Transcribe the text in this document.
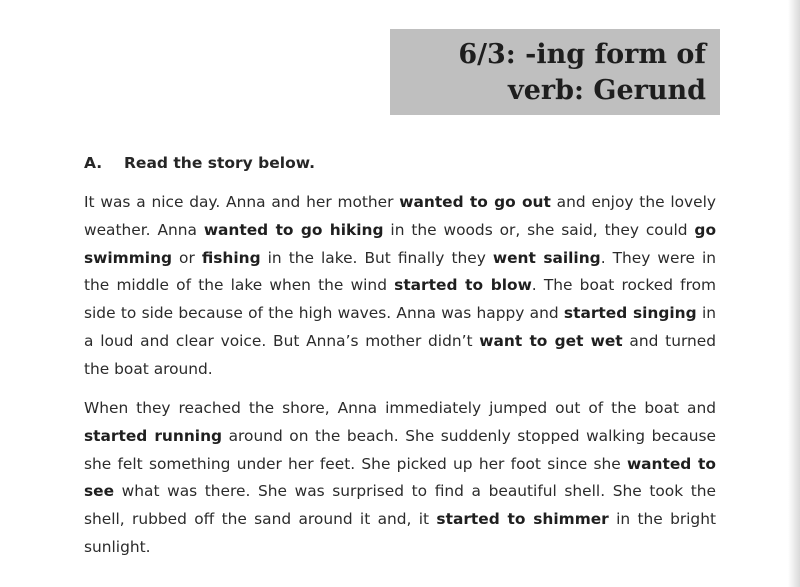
6/3: -ing form of
verb: Gerund
A. Read the story below.
It was a nice day. Anna and her mother wanted to go out and enjoy the lovely weather. Anna wanted to go hiking in the woods or, she said, they could go swimming or fishing in the lake. But finally they went sailing. They were in the middle of the lake when the wind started to blow. The boat rocked from side to side because of the high waves. Anna was happy and started singing in a loud and clear voice. But Anna’s mother didn’t want to get wet and turned the boat around.
When they reached the shore, Anna immediately jumped out of the boat and started running around on the beach. She suddenly stopped walking because she felt something under her feet. She picked up her foot since she wanted to see what was there. She was surprised to find a beautiful shell. She took the shell, rubbed off the sand around it and, it started to shimmer in the bright sunlight.
